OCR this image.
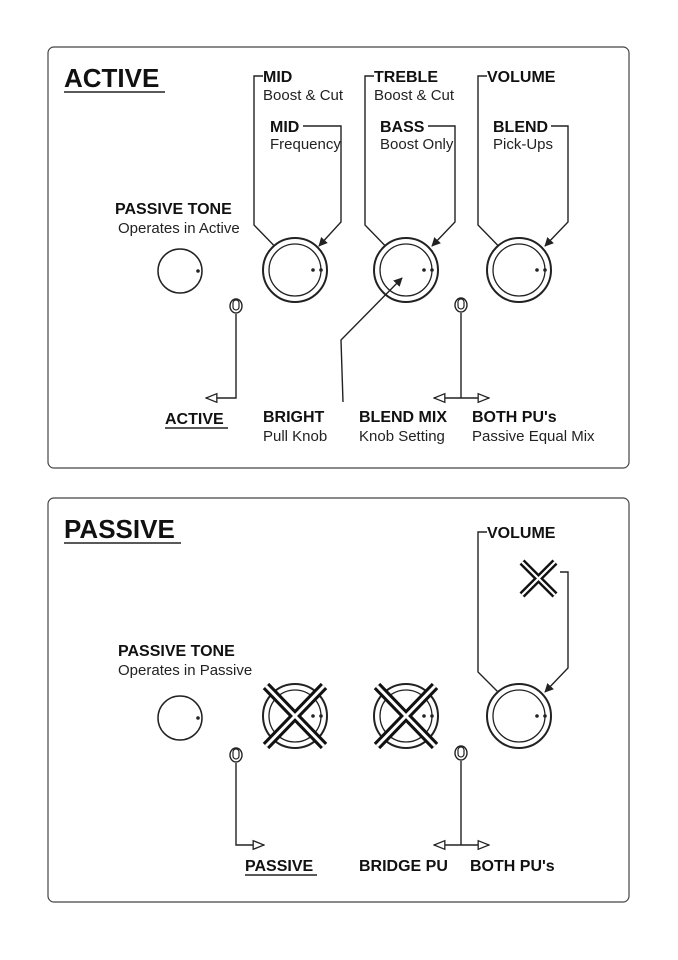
ACTIVE	MID
Boost & Cut
MID
Frequency
TREBLE
Boost & Cut
BASS
Boost Only
VOLUME
BLEND
Pick-Ups
PASSIVE TONE
Operates in Active
ACTIVE BRIGHT
Pull Knob
BLEND MIX
Knob Setting
BOTH PU's
Passive Equal Mix
PASSIVE	VOLUME
PASSIVE TONE
Operates in Passive
PASSIVE	BRIDGE PU BOTH PU's
